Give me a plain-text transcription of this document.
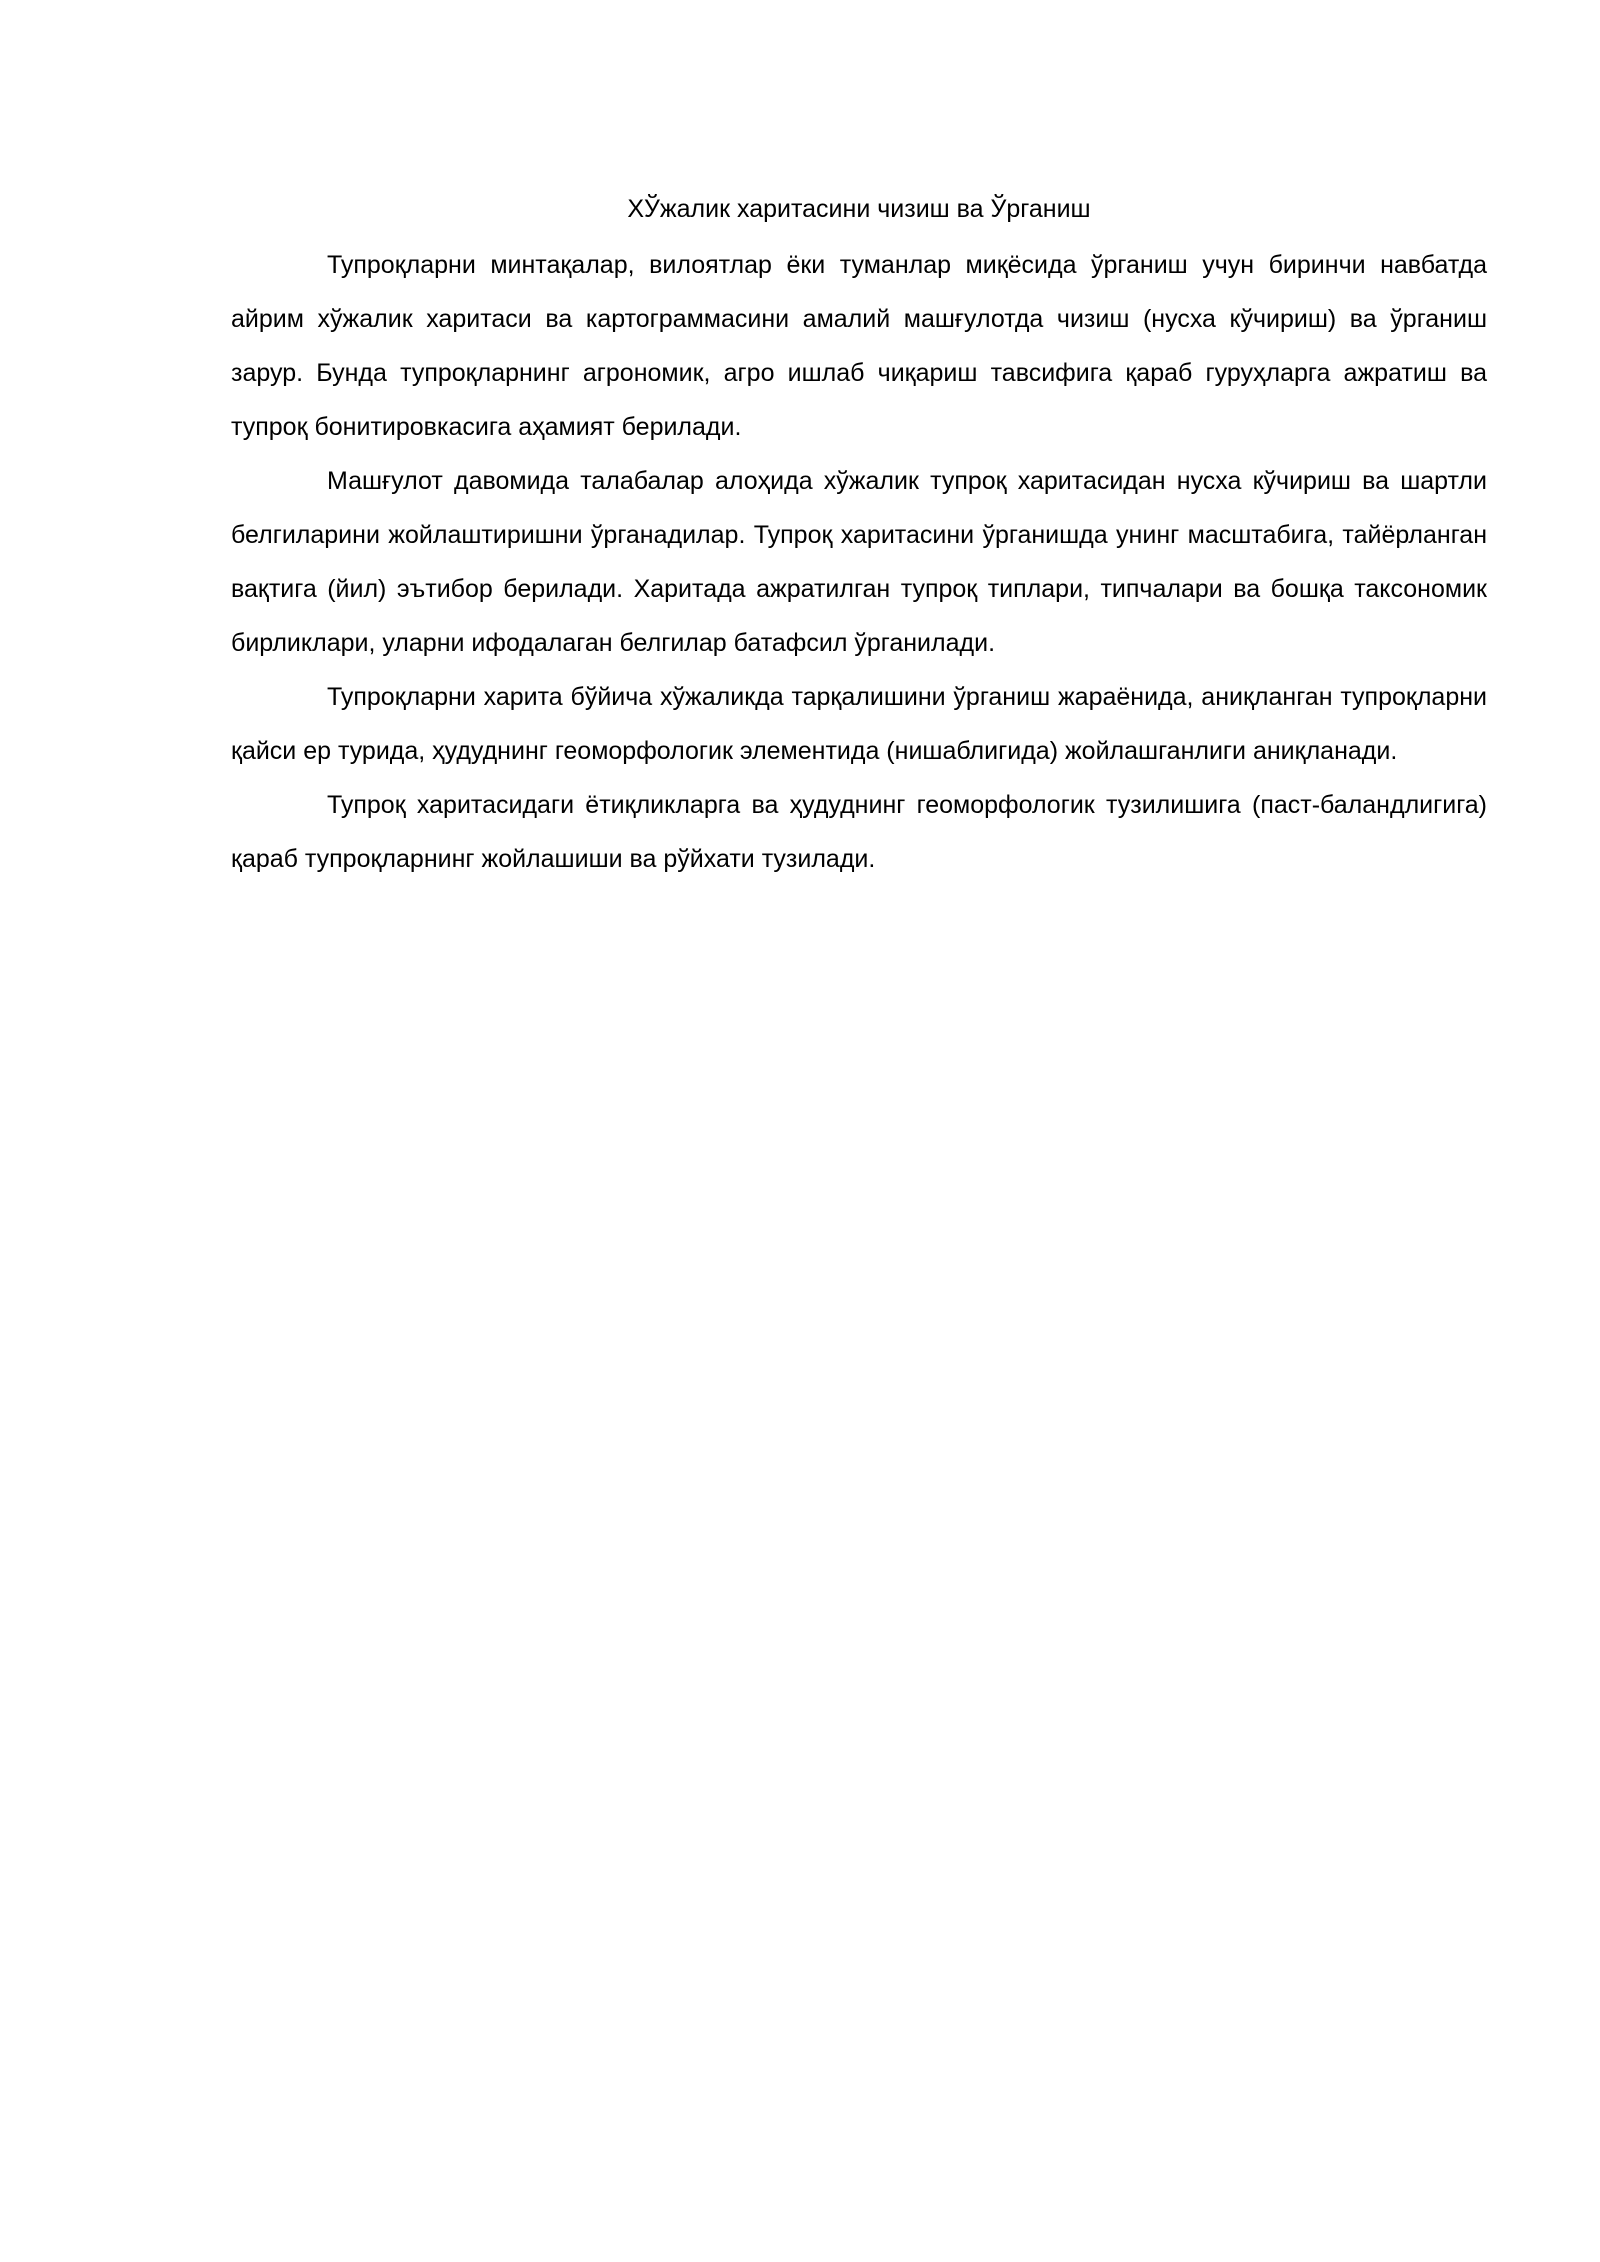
ХЎжалик харитасини чизиш ва Ўрганиш

Тупроқларни минтақалар, вилоятлар ёки туманлар миқёсида ўрганиш учун биринчи навбатда айрим хўжалик харитаси ва картограммасини амалий машғулотда чизиш (нусха кўчириш) ва ўрганиш зарур. Бунда тупроқларнинг агрономик, агро ишлаб чиқариш тавсифига қараб гуруҳларга ажратиш ва тупроқ бонитировкасига аҳамият берилади.

Машғулот давомида талабалар алоҳида хўжалик тупроқ харитасидан нусха кўчириш ва шартли белгиларини жойлаштиришни ўрганадилар. Тупроқ харитасини ўрганишда унинг масштабига, тайёрланган вақтига (йил) эътибор берилади. Харитада ажратилган тупроқ типлари, типчалари ва бошқа таксономик бирликлари, уларни ифодалаган белгилар батафсил ўрганилади.

Тупроқларни харита бўйича хўжаликда тарқалишини ўрганиш жараёнида, аниқланган тупроқларни қайси ер турида, ҳудуднинг геоморфологик элементида (нишаблигида) жойлашганлиги аниқланади.

Тупроқ харитасидаги ётиқликларга ва ҳудуднинг геоморфологик тузилишига (паст-баландлигига) қараб тупроқларнинг жойлашиши ва рўйхати тузилади.
